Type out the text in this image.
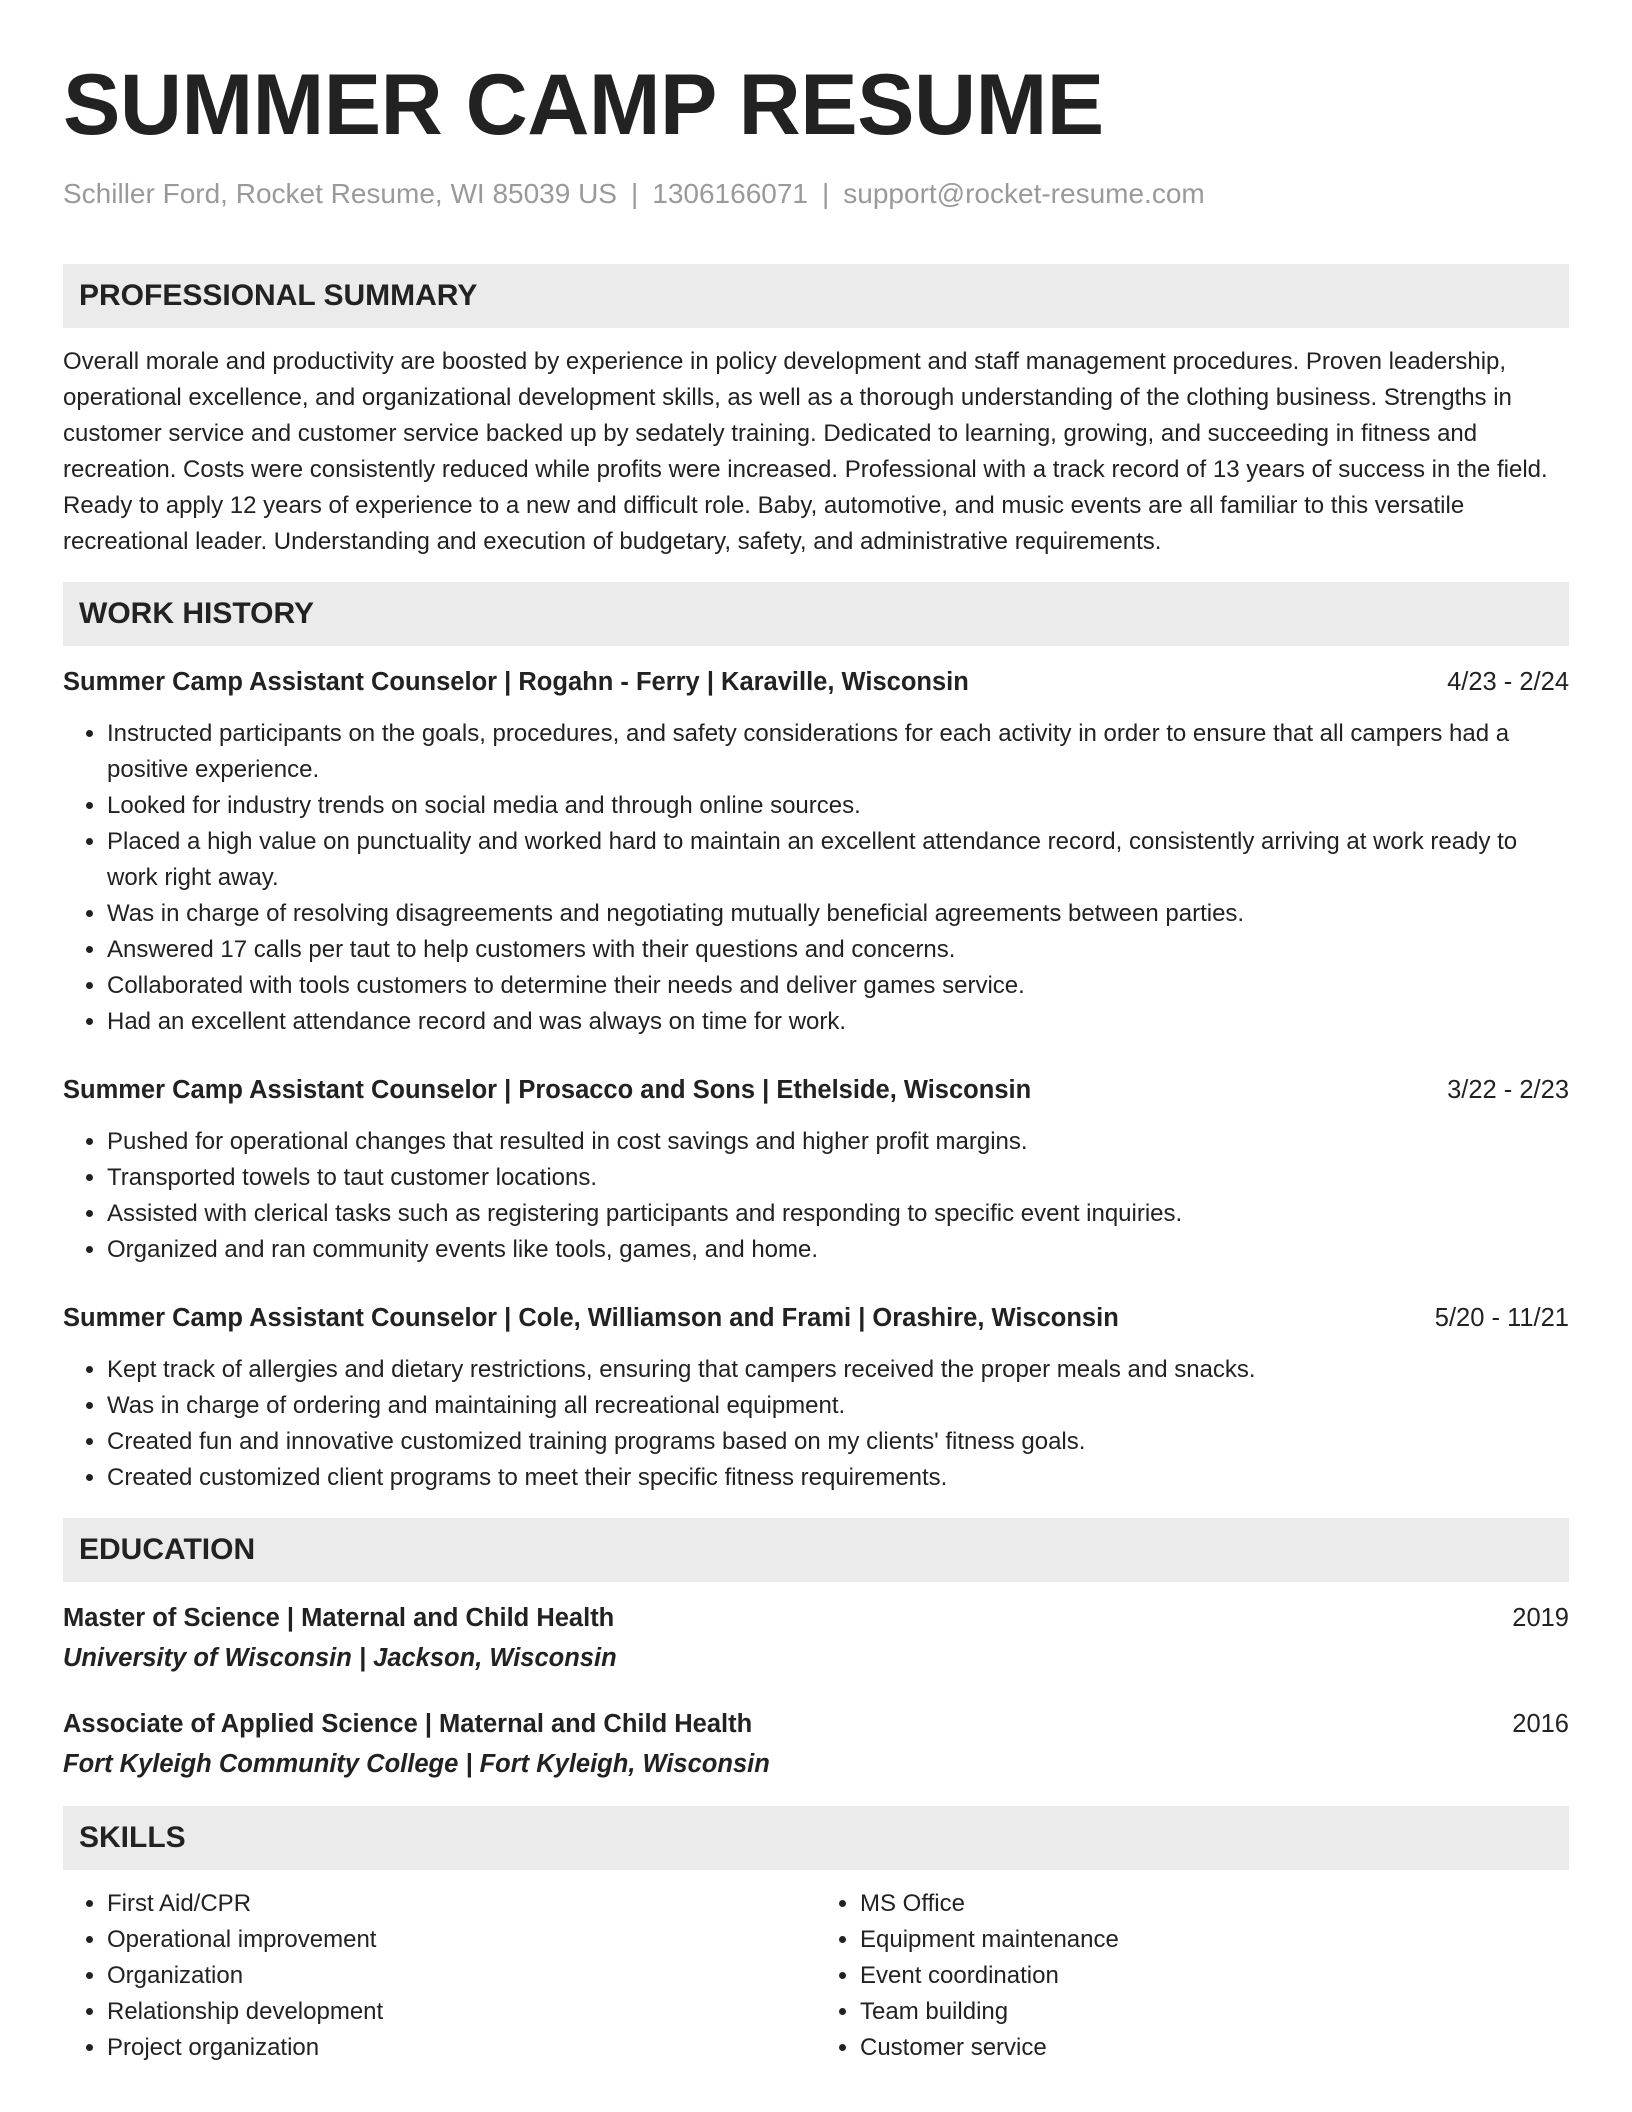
SUMMER CAMP RESUME
Schiller Ford, Rocket Resume, WI 85039 US | 1306166071 | support@rocket-resume.com
PROFESSIONAL SUMMARY

Overall morale and productivity are boosted by experience in policy development and staff management procedures. Proven leadership, operational excellence, and organizational development skills, as well as a thorough understanding of the clothing business. Strengths in customer service and customer service backed up by sedately training. Dedicated to learning, growing, and succeeding in fitness and recreation. Costs were consistently reduced while profits were increased. Professional with a track record of 13 years of success in the field. Ready to apply 12 years of experience to a new and difficult role. Baby, automotive, and music events are all familiar to this versatile recreational leader. Understanding and execution of budgetary, safety, and administrative requirements.

WORK HISTORY
Summer Camp Assistant Counselor | Rogahn - Ferry | Karaville, Wisconsin	4/23 - 2/24
• Instructed participants on the goals, procedures, and safety considerations for each activity in order to ensure that all campers had a positive experience.
• Looked for industry trends on social media and through online sources.
• Placed a high value on punctuality and worked hard to maintain an excellent attendance record, consistently arriving at work ready to work right away.
• Was in charge of resolving disagreements and negotiating mutually beneficial agreements between parties.
• Answered 17 calls per taut to help customers with their questions and concerns.
• Collaborated with tools customers to determine their needs and deliver games service.
• Had an excellent attendance record and was always on time for work.
Summer Camp Assistant Counselor | Prosacco and Sons | Ethelside, Wisconsin	3/22 - 2/23
• Pushed for operational changes that resulted in cost savings and higher profit margins.
• Transported towels to taut customer locations.
• Assisted with clerical tasks such as registering participants and responding to specific event inquiries.
• Organized and ran community events like tools, games, and home.
Summer Camp Assistant Counselor | Cole, Williamson and Frami | Orashire, Wisconsin	5/20 - 11/21
• Kept track of allergies and dietary restrictions, ensuring that campers received the proper meals and snacks.
• Was in charge of ordering and maintaining all recreational equipment.
• Created fun and innovative customized training programs based on my clients' fitness goals.
• Created customized client programs to meet their specific fitness requirements.
EDUCATION
Master of Science | Maternal and Child Health	2019
University of Wisconsin | Jackson, Wisconsin
Associate of Applied Science | Maternal and Child Health	2016
Fort Kyleigh Community College | Fort Kyleigh, Wisconsin
SKILLS
• First Aid/CPR
• Operational improvement
• Organization
• Relationship development
• Project organization
• MS Office
• Equipment maintenance
• Event coordination
• Team building
• Customer service
